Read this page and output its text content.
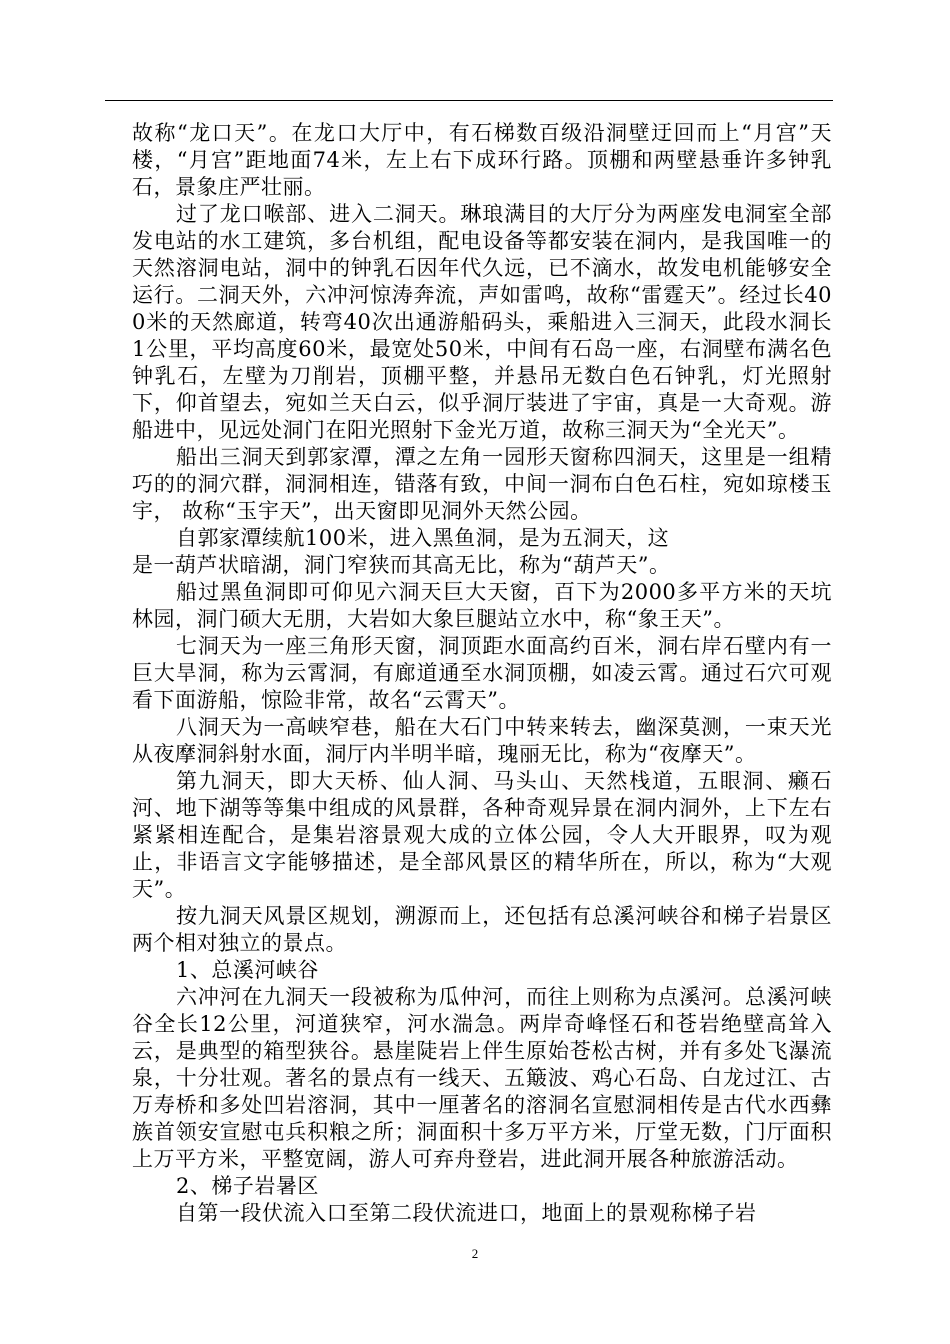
故称“龙口天”。在龙口大厅中，有石梯数百级沿洞壁迂回而上“月宫”天楼，“月宫”距地面74米，左上右下成环行路。顶棚和两壁悬垂许多钟乳石，景象庄严壮丽。

过了龙口喉部、进入二洞天。琳琅满目的大厅分为两座发电洞室全部发电站的水工建筑，多台机组，配电设备等都安装在洞内，是我国唯一的天然溶洞电站，洞中的钟乳石因年代久远，已不滴水，故发电机能够安全运行。二洞天外，六冲河惊涛奔流，声如雷鸣，故称“雷霆天”。经过长400米的天然廊道，转弯40次出通游船码头，乘船进入三洞天，此段水洞长1公里，平均高度60米，最宽处50米，中间有石岛一座，右洞壁布满名色钟乳石，左壁为刀削岩，顶棚平整，并悬吊无数白色石钟乳，灯光照射下，仰首望去，宛如兰天白云，似乎洞厅装进了宇宙，真是一大奇观。游船进中，见远处洞门在阳光照射下金光万道，故称三洞天为“全光天”。

船出三洞天到郭家潭，潭之左角一园形天窗称四洞天，这里是一组精巧的的洞穴群，洞洞相连，错落有致，中间一洞布白色石柱，宛如琼楼玉宇， 故称“玉宇天”，出天窗即见洞外天然公园。

自郭家潭续航100米，进入黑鱼洞，是为五洞天，这

是一葫芦状暗湖，洞门窄狭而其高无比，称为“葫芦天”。

船过黑鱼洞即可仰见六洞天巨大天窗，百下为2000多平方米的天坑林园，洞门硕大无朋，大岩如大象巨腿站立水中，称“象王天”。

七洞天为一座三角形天窗，洞顶距水面高约百米，洞右岸石壁内有一巨大旱洞，称为云霄洞，有廊道通至水洞顶棚，如凌云霄。通过石穴可观看下面游船，惊险非常，故名“云霄天”。

八洞天为一高峡窄巷，船在大石门中转来转去，幽深莫测，一束天光从夜摩洞斜射水面，洞厅内半明半暗，瑰丽无比，称为“夜摩天”。

第九洞天，即大天桥、仙人洞、马头山、天然栈道，五眼洞、癞石河、地下湖等等集中组成的风景群，各种奇观异景在洞内洞外，上下左右紧紧相连配合，是集岩溶景观大成的立体公园，令人大开眼界，叹为观止，非语言文字能够描述，是全部风景区的精华所在，所以，称为“大观天”。

按九洞天风景区规划，溯源而上，还包括有总溪河峡谷和梯子岩景区两个相对独立的景点。

1、总溪河峡谷

六冲河在九洞天一段被称为瓜仲河，而往上则称为点溪河。总溪河峡谷全长12公里，河道狭窄，河水湍急。两岸奇峰怪石和苍岩绝壁高耸入云，是典型的箱型狭谷。悬崖陡岩上伴生原始苍松古树，并有多处飞瀑流泉，十分壮观。著名的景点有一线天、五簸波、鸡心石岛、白龙过江、古万寿桥和多处凹岩溶洞，其中一厘著名的溶洞名宣慰洞相传是古代水西彝族首领安宣慰屯兵积粮之所；洞面积十多万平方米，厅堂无数，门厅面积上万平方米，平整宽阔，游人可弃舟登岩，进此洞开展各种旅游活动。

2、梯子岩暑区

自第一段伏流入口至第二段伏流进口，地面上的景观称梯子岩

2
